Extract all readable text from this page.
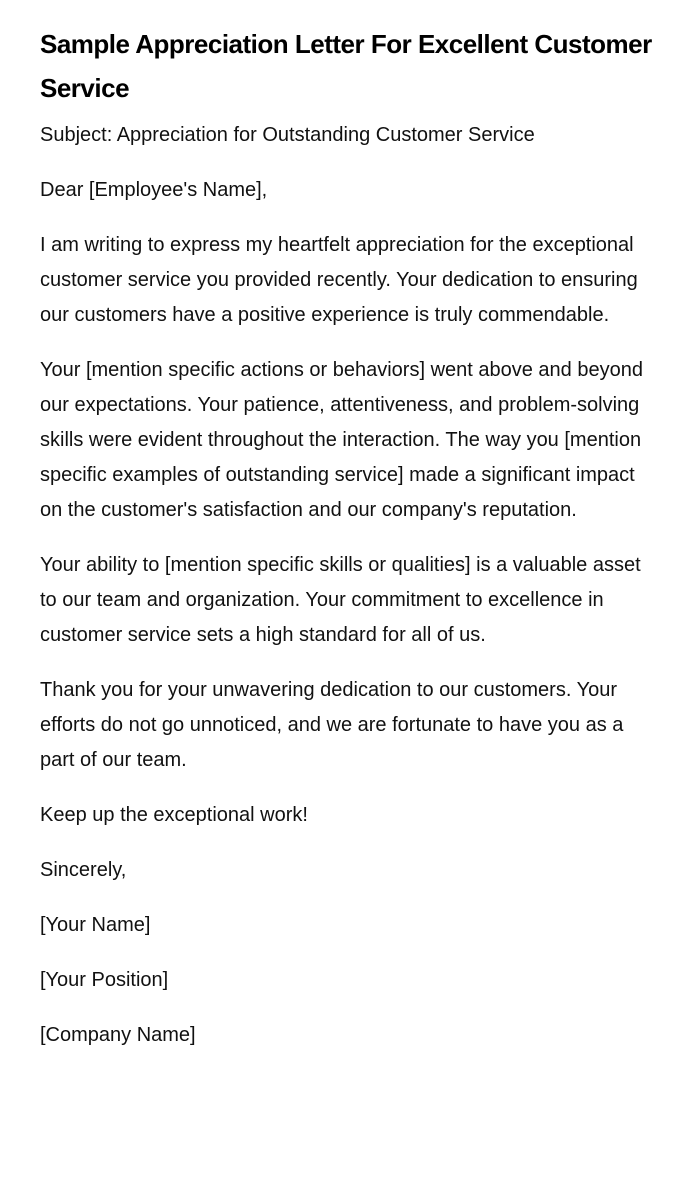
Sample Appreciation Letter For Excellent Customer Service

Subject: Appreciation for Outstanding Customer Service

Dear [Employee's Name],

I am writing to express my heartfelt appreciation for the exceptional customer service you provided recently. Your dedication to ensuring our customers have a positive experience is truly commendable.

Your [mention specific actions or behaviors] went above and beyond our expectations. Your patience, attentiveness, and problem-solving skills were evident throughout the interaction. The way you [mention specific examples of outstanding service] made a significant impact on the customer's satisfaction and our company's reputation.

Your ability to [mention specific skills or qualities] is a valuable asset to our team and organization. Your commitment to excellence in customer service sets a high standard for all of us.

Thank you for your unwavering dedication to our customers. Your efforts do not go unnoticed, and we are fortunate to have you as a part of our team.

Keep up the exceptional work!

Sincerely,

[Your Name]

[Your Position]

[Company Name]
